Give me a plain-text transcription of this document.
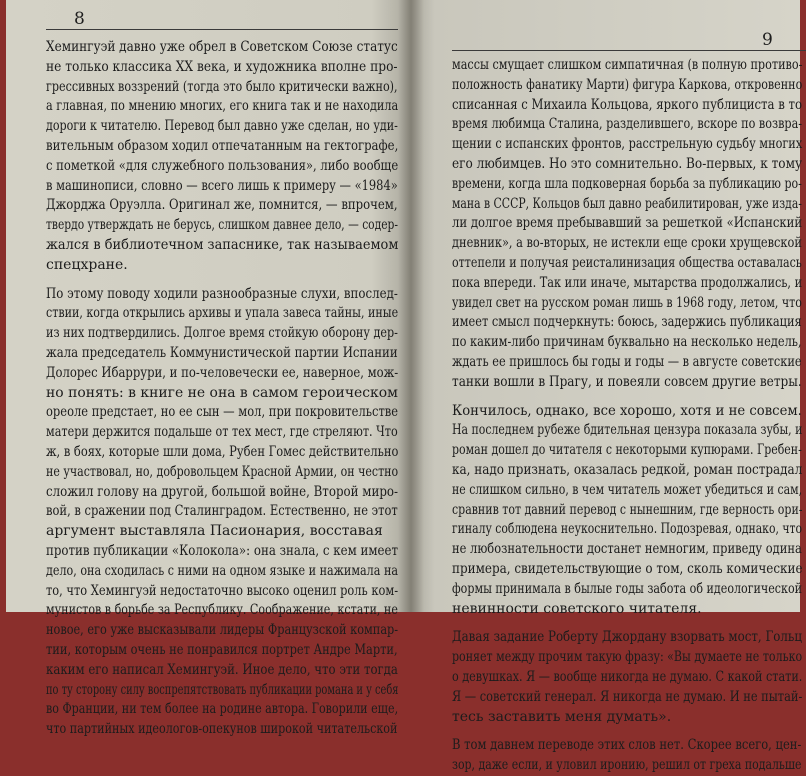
8
Хемингуэй давно уже обрел в Советском Союзе статус
не только классика XX века, и художника вполне про-
грессивных воззрений (тогда это было критически важно),
а главная, по мнению многих, его книга так и не находила
дороги к читателю. Перевод был давно уже сделан, но уди-
вительным образом ходил отпечатанным на гектографе,
с пометкой «для служебного пользования», либо вообще
в машинописи, словно — всего лишь к примеру — «1984»
Джорджа Оруэлла. Оригинал же, помнится, — впрочем,
твердо утверждать не берусь, слишком давнее дело, — содер-
жался в библиотечном запаснике, так называемом
спецхране.
По этому поводу ходили разнообразные слухи, впослед-
ствии, когда открылись архивы и упала завеса тайны, иные
из них подтвердились. Долгое время стойкую оборону дер-
жала председатель Коммунистической партии Испании
Долорес Ибаррури, и по-человечески ее, наверное, мож-
но понять: в книге не она в самом героическом
ореоле предстает, но ее сын — мол, при покровительстве
матери держится подальше от тех мест, где стреляют. Что
ж, в боях, которые шли дома, Рубен Гомес действительно
не участвовал, но, добровольцем Красной Армии, он честно
сложил голову на другой, большой войне, Второй миро-
вой, в сражении под Сталинградом. Естественно, не этот
аргумент выставляла Пасионария, восставая
против публикации «Колокола»: она знала, с кем имеет
дело, она сходилась с ними на одном языке и нажимала на
то, что Хемингуэй недостаточно высоко оценил роль ком-
мунистов в борьбе за Республику. Соображение, кстати, не
новое, его уже высказывали лидеры Французской компар-
тии, которым очень не понравился портрет Андре Марти,
каким его написал Хемингуэй. Иное дело, что эти тогда
по ту сторону силу воспрепятствовать публикации романа и у себя
во Франции, ни тем более на родине автора. Говорили еще,
что партийных идеологов-опекунов широкой читательской
9
массы смущает слишком симпатичная (в полную противо-
положность фанатику Марти) фигура Каркова, откровенно
списанная с Михаила Кольцова, яркого публициста в то
время любимца Сталина, разделившего, вскоре по возвра-
щении с испанских фронтов, расстрельную судьбу многих
его любимцев. Но это сомнительно. Во-первых, к тому
времени, когда шла подковерная борьба за публикацию ро-
мана в СССР, Кольцов был давно реабилитирован, уже изда-
ли долгое время пребывавший за решеткой «Испанский
дневник», а во-вторых, не истекли еще сроки хрущевской
оттепели и получая реисталинизация общества оставалась
пока впереди. Так или иначе, мытарства продолжались, и
увидел свет на русском роман лишь в 1968 году, летом, что
имеет смысл подчеркнуть: боюсь, задержись публикация
по каким-либо причинам буквально на несколько недель,
ждать ее пришлось бы годы и годы — в августе советские
танки вошли в Прагу, и повеяли совсем другие ветры.
Кончилось, однако, все хорошо, хотя и не совсем.
На последнем рубеже бдительная цензура показала зубы, и
роман дошел до читателя с некоторыми купюрами. Гребен-
ка, надо признать, оказалась редкой, роман пострадал
не слишком сильно, в чем читатель может убедиться и сам,
сравнив тот давний перевод с нынешним, где верность ори-
гиналу соблюдена неукоснительно. Подозревая, однако, что
не любознательности достанет немногим, приведу одина
примера, свидетельствующие о том, сколь комические
формы принимала в былые годы забота об идеологической
невинности советского читателя.
Давая задание Роберту Джордану взорвать мост, Гольц
роняет между прочим такую фразу: «Вы думаете не только
о девушках. Я — вообще никогда не думаю. С какой стати.
Я — советский генерал. Я никогда не думаю. И не пытай-
тесь заставить меня думать».
В том давнем переводе этих слов нет. Скорее всего, цен-
зор, даже если, и уловил иронию, решил от греха подальше
